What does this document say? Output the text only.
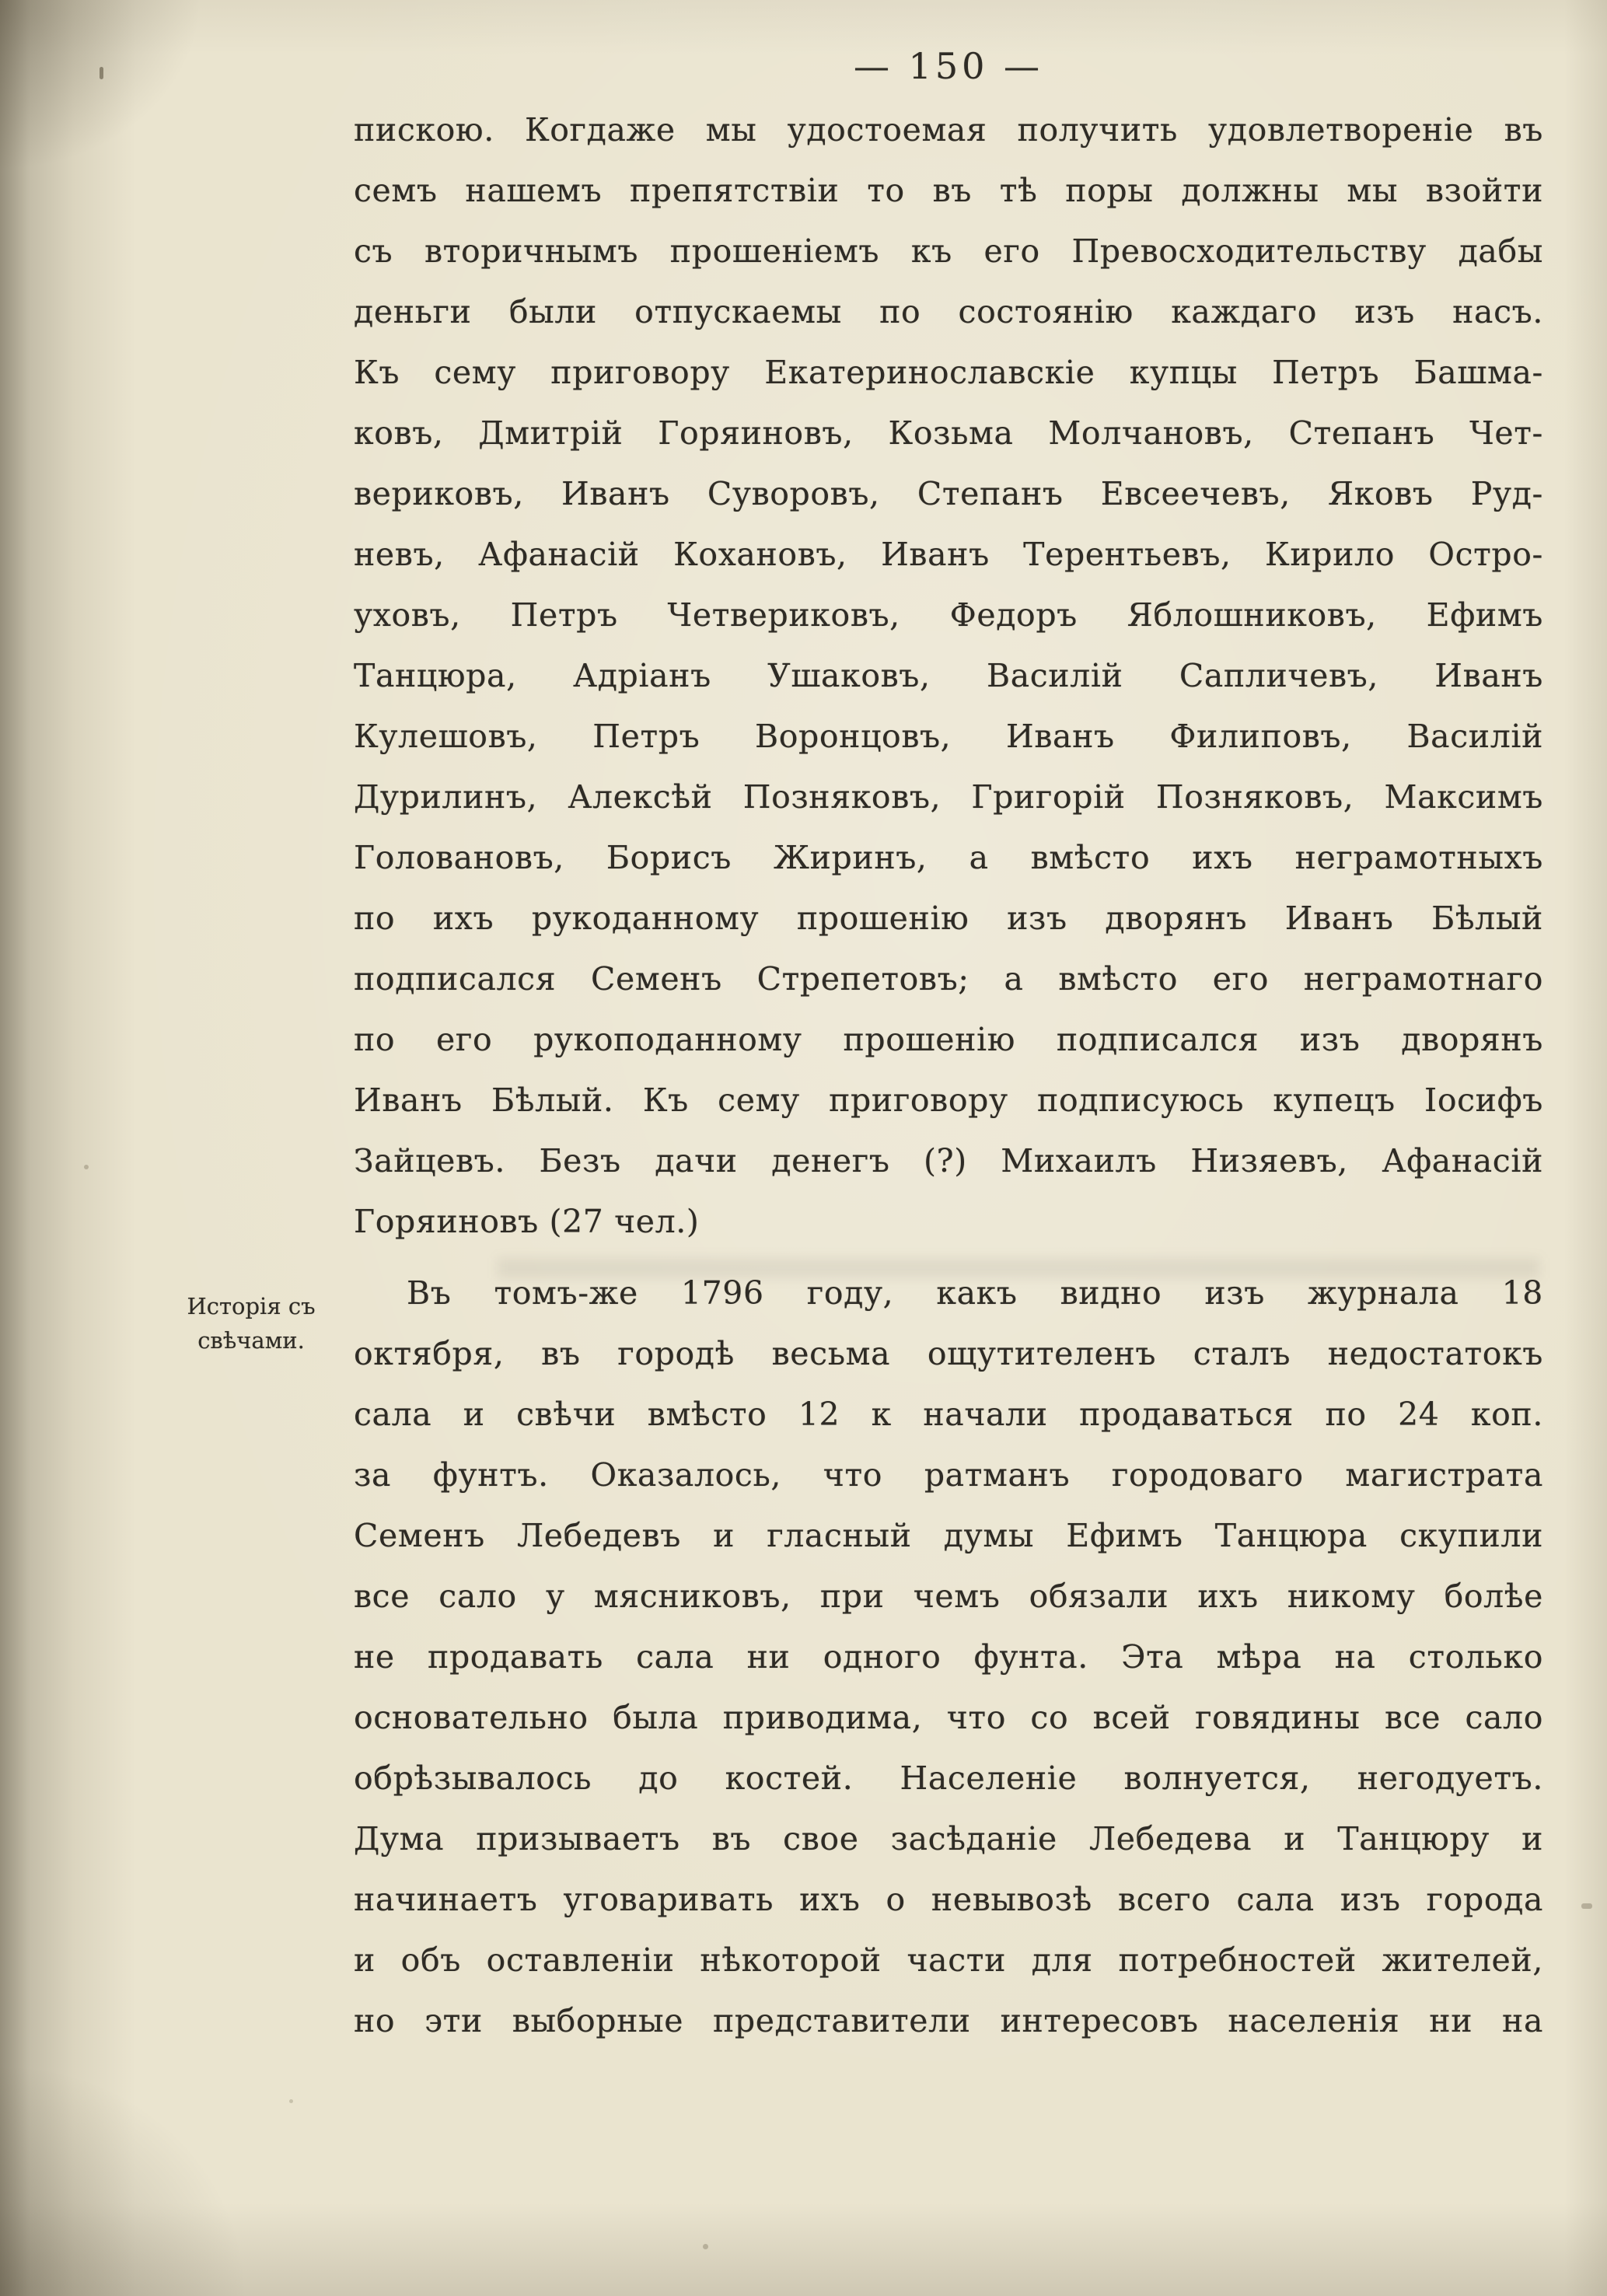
— 150 —
Исторія съ
свѣчами.
пискою. Когдаже мы удостоемая получить удовлетвореніе въ
семъ нашемъ препятствіи то въ тѣ поры должны мы взойти
съ вторичнымъ прошеніемъ къ его Превосходительству дабы
деньги были отпускаемы по состоянію каждаго изъ насъ.
Къ сему приговору Екатеринославскіе купцы Петръ Башма-
ковъ, Дмитрій Горяиновъ, Козьма Молчановъ, Степанъ Чет-
вериковъ, Иванъ Суворовъ, Степанъ Евсеечевъ, Яковъ Руд-
невъ, Афанасій Кохановъ, Иванъ Терентьевъ, Кирило Остро-
уховъ, Петръ Четвериковъ, Федоръ Яблошниковъ, Ефимъ
Танцюра, Адріанъ Ушаковъ, Василій Сапличевъ, Иванъ
Кулешовъ, Петръ Воронцовъ, Иванъ Филиповъ, Василій
Дурилинъ, Алексѣй Позняковъ, Григорій Позняковъ, Максимъ
Головановъ, Борисъ Жиринъ, а вмѣсто ихъ неграмотныхъ
по ихъ рукоданному прошенію изъ дворянъ Иванъ Бѣлый
подписался Семенъ Стрепетовъ; а вмѣсто его неграмотнаго
по его рукоподанному прошенію подписался изъ дворянъ
Иванъ Бѣлый. Къ сему приговору подписуюсь купецъ Іосифъ
Зайцевъ. Безъ дачи денегъ (?) Михаилъ Низяевъ, Афанасій
Горяиновъ (27 чел.)
Въ томъ-же 1796 году, какъ видно изъ журнала 18
октября, въ городѣ весьма ощутителенъ сталъ недостатокъ
сала и свѣчи вмѣсто 12 к начали продаваться по 24 коп.
за фунтъ. Оказалось, что ратманъ городоваго магистрата
Семенъ Лебедевъ и гласный думы Ефимъ Танцюра скупили
все сало у мясниковъ, при чемъ обязали ихъ никому болѣе
не продавать сала ни одного фунта. Эта мѣра на столько
основательно была приводима, что со всей говядины все сало
обрѣзывалось до костей. Населеніе волнуется, негодуетъ.
Дума призываетъ въ свое засѣданіе Лебедева и Танцюру и
начинаетъ уговаривать ихъ о невывозѣ всего сала изъ города
и объ оставленіи нѣкоторой части для потребностей жителей,
но эти выборные представители интересовъ населенія ни на
